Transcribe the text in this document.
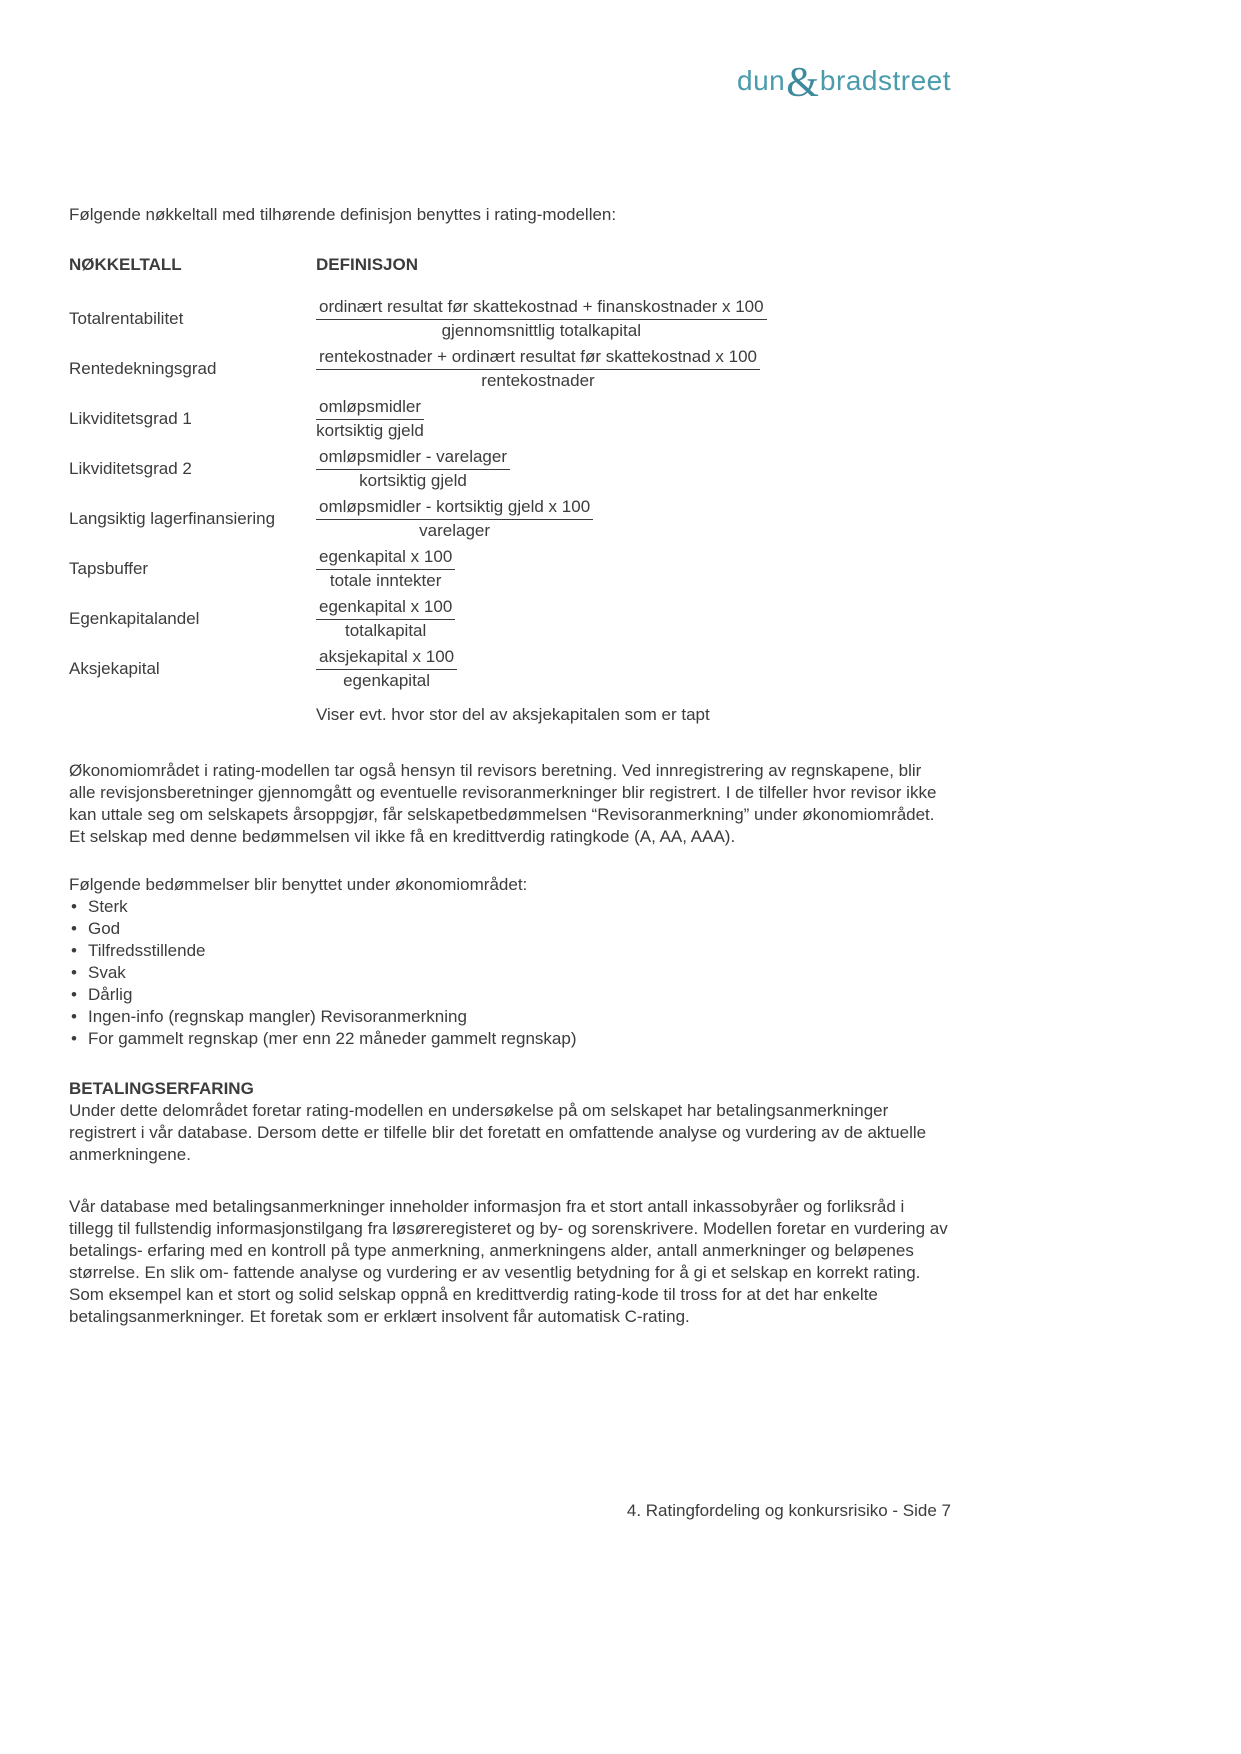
dun&bradstreet

Følgende nøkkeltall med tilhørende definisjon benyttes i rating-modellen:

NØKKELTALL	DEFINISJON
Totalrentabilitet	$\frac{\text{ordinært resultat før skattekostnad + finanskostnader x 100}}{\text{gjennomsnittlig totalkapital}}$
Rentedekningsgrad	$\frac{\text{rentekostnader + ordinært resultat før skattekostnad x 100}}{\text{rentekostnader}}$
Likviditetsgrad 1	$\frac{\text{omløpsmidler}}{\text{kortsiktig gjeld}}$
Likviditetsgrad 2	$\frac{\text{omløpsmidler - varelager}}{\text{kortsiktig gjeld}}$
Langsiktig lagerfinansiering	$\frac{\text{omløpsmidler - kortsiktig gjeld x 100}}{\text{varelager}}$
Tapsbuffer	$\frac{\text{egenkapital x 100}}{\text{totale inntekter}}$
Egenkapitalandel	$\frac{\text{egenkapital x 100}}{\text{totalkapital}}$
Aksjekapital	$\frac{\text{aksjekapital x 100}}{\text{egenkapital}}$
Viser evt. hvor stor del av aksjekapitalen som er tapt

Økonomiområdet i rating-modellen tar også hensyn til revisors beretning. Ved innregistrering av regnskapene, blir alle revisjonsberetninger gjennomgått og eventuelle revisoranmerkninger blir registrert. I de tilfeller hvor revisor ikke kan uttale seg om selskapets årsoppgjør, får selskapetbedømmelsen “Revisoranmerkning” under økonomiområdet. Et selskap med denne bedømmelsen vil ikke få en kredittverdig ratingkode (A, AA, AAA).

Følgende bedømmelser blir benyttet under økonomiområdet:
• Sterk
• God
• Tilfredsstillende
• Svak
• Dårlig
• Ingen-info (regnskap mangler) Revisoranmerkning
• For gammelt regnskap (mer enn 22 måneder gammelt regnskap)
BETALINGSERFARING

Under dette delområdet foretar rating-modellen en undersøkelse på om selskapet har betalingsanmerkninger registrert i vår database. Dersom dette er tilfelle blir det foretatt en omfattende analyse og vurdering av de aktuelle anmerkningene.

Vår database med betalingsanmerkninger inneholder informasjon fra et stort antall inkassobyråer og forliksråd i tillegg til fullstendig informasjonstilgang fra løsøreregisteret og by- og sorenskrivere. Modellen foretar en vurdering av betalings- erfaring med en kontroll på type anmerkning, anmerkningens alder, antall anmerkninger og beløpenes størrelse. En slik om- fattende analyse og vurdering er av vesentlig betydning for å gi et selskap en korrekt rating. Som eksempel kan et stort og solid selskap oppnå en kredittverdig rating-kode til tross for at det har enkelte betalingsanmerkninger. Et foretak som er erklært insolvent får automatisk C-rating.

4. Ratingfordeling og konkursrisiko - Side 7
